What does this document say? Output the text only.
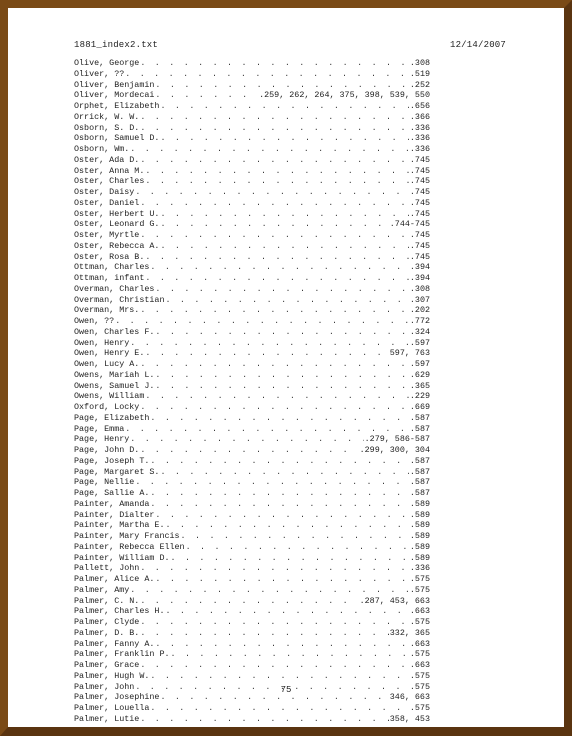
1881_index2.txt	12/14/2007
Olive, George . . .	.308
Oliver, ?? . . .	.519
Oliver, Benjamin . . .	.252
Oliver, Mordecai . . .	.259, 262, 264, 375, 398, 539, 550
Orphet, Elizabeth . . .	.656
Orrick, W. W. . . .	.366
Osborn, S. D. . . .	.336
Osborn, Samuel D. . . .	.336
Osborn, Wm. . . .	.336
Oster, Ada D. . . .	.745
Oster, Anna M. . . .	.745
Oster, Charles . . .	.745
Oster, Daisy . . .	.745
Oster, Daniel . . .	.745
Oster, Herbert U. . . .	.745
Oster, Leonard G. . . .	.744-745
Oster, Myrtle . . .	.745
Oster, Rebecca A. . . .	.745
Oster, Rosa B. . . .	.745
Ottman, Charles . . .	.394
Ottman, infant . . .	.394
Overman, Charles . . .	.308
Overman, Christian . . .	.307
Overman, Mrs. . . .	.202
Owen, ?? . . .	.772
Owen, Charles F. . . .	.324
Owen, Henry . . .	.597
Owen, Henry E. . . .	597, 763
Owen, Lucy A. . . .	.597
Owens, Mariah L. . . .	.629
Owens, Samuel J. . . .	.365
Owens, William . . .	.229
Oxford, Locky . . .	.669
Page, Elizabeth . . .	.587
Page, Emma . . .	.587
Page, Henry . . .	.279, 586-587
Page, John D. . . .	.299, 300, 304
Page, Joseph T. . . .	.587
Page, Margaret S. . . .	.587
Page, Nellie . . .	.587
Page, Sallie A. . . .	.587
Painter, Amanda . . .	.589
Painter, Dialter . . .	.589
Painter, Martha E. . . .	.589
Painter, Mary Francis . . .	.589
Painter, Rebecca Ellen . . .	.589
Painter, William D. . . .	.589
Pallett, John . . .	.336
Palmer, Alice A. . . .	.575
Palmer, Amy . . .	.575
Palmer, C. N. . . .	.287, 453, 663
Palmer, Charles H. . . .	.663
Palmer, Clyde . . .	.575
Palmer, D. B. . . .	332, 365
Palmer, Fanny A. . . .	.663
Palmer, Franklin P. . . .	.575
Palmer, Grace . . .	.663
Palmer, Hugh W. . . .	.575
Palmer, John . . .	.575
Palmer, Josephine . . .	346, 663
Palmer, Louella . . .	.575
Palmer, Lutie . . .	358, 453
75
